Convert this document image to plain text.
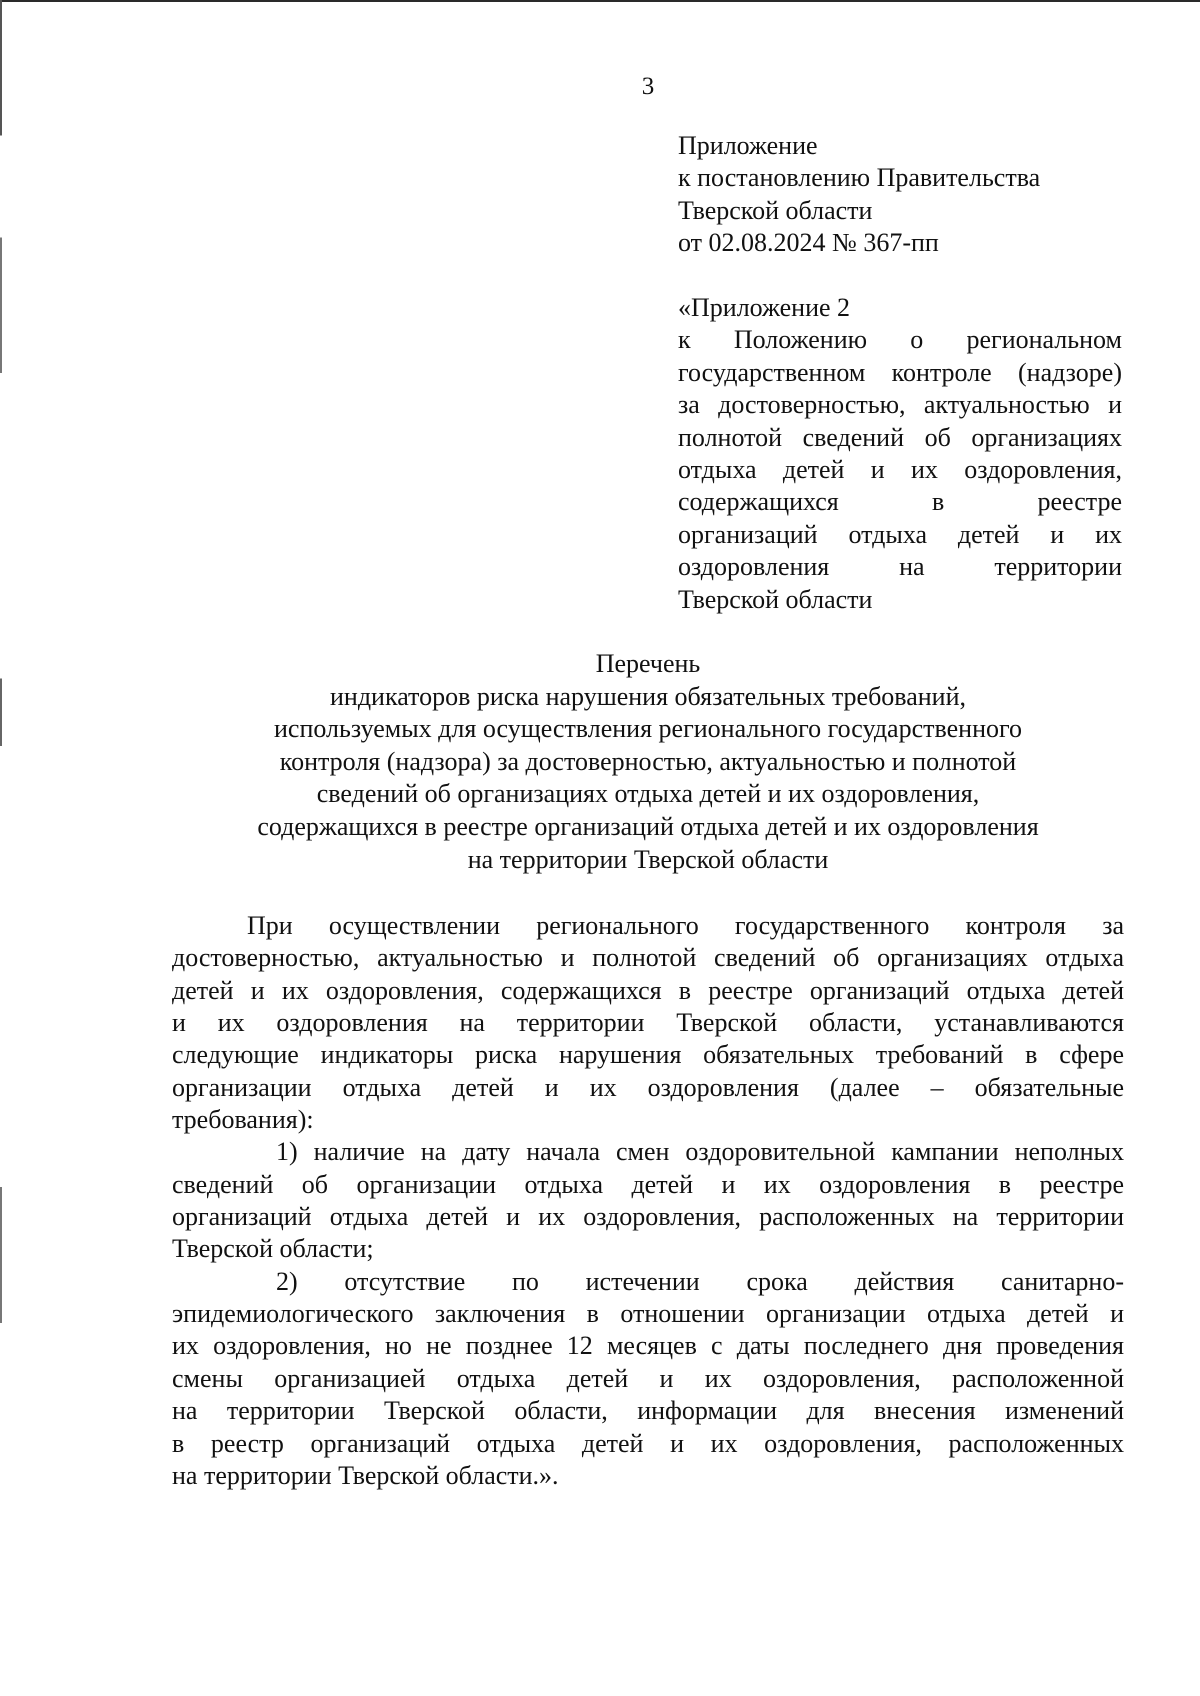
3
Приложение
к постановлению Правительства
Тверской области
от 02.08.2024 № 367-пп
«Приложение 2
к Положению о региональном
государственном контроле (надзоре)
за достоверностью, актуальностью и
полнотой сведений об организациях
отдыха детей и их оздоровления,
содержащихся в реестре
организаций отдыха детей и их
оздоровления на территории
Тверской области
Перечень
индикаторов риска нарушения обязательных требований,
используемых для осуществления регионального государственного
контроля (надзора) за достоверностью, актуальностью и полнотой
сведений об организациях отдыха детей и их оздоровления,
содержащихся в реестре организаций отдыха детей и их оздоровления
на территории Тверской области
При осуществлении регионального государственного контроля за
достоверностью, актуальностью и полнотой сведений об организациях отдыха
детей и их оздоровления, содержащихся в реестре организаций отдыха детей
и их оздоровления на территории Тверской области, устанавливаются
следующие индикаторы риска нарушения обязательных требований в сфере
организации отдыха детей и их оздоровления (далее – обязательные
требования):
1) наличие на дату начала смен оздоровительной кампании неполных
сведений об организации отдыха детей и их оздоровления в реестре
организаций отдыха детей и их оздоровления, расположенных на территории
Тверской области;
2) отсутствие по истечении срока действия санитарно-
эпидемиологического заключения в отношении организации отдыха детей и
их оздоровления, но не позднее 12 месяцев с даты последнего дня проведения
смены организацией отдыха детей и их оздоровления, расположенной
на территории Тверской области, информации для внесения изменений
в реестр организаций отдыха детей и их оздоровления, расположенных
на территории Тверской области.».
